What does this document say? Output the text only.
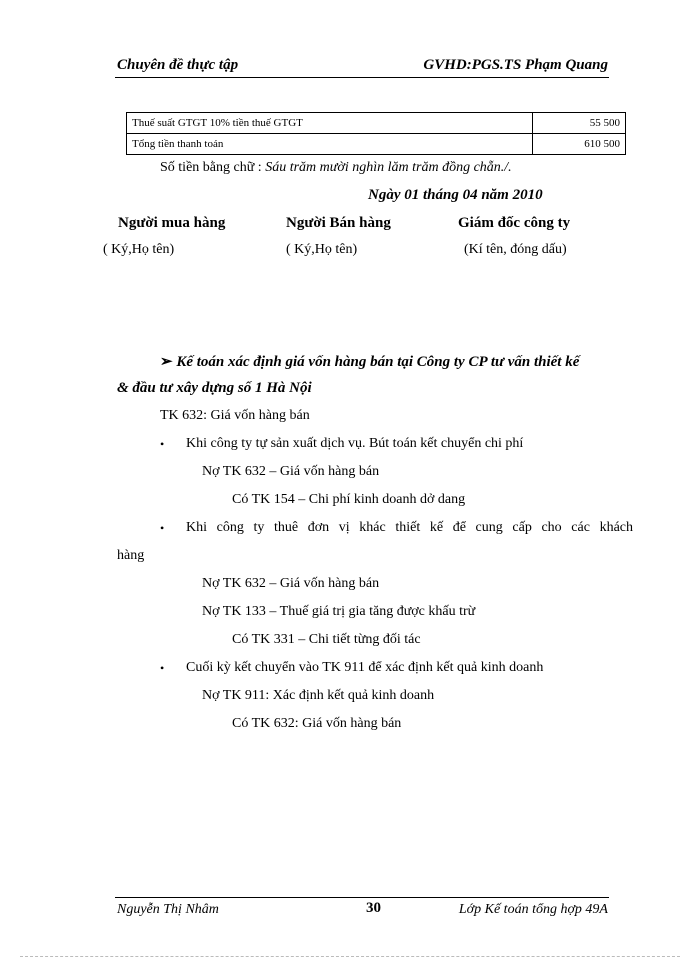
Chuyên đề thực tập	GVHD:PGS.TS Phạm Quang
Thuế suất GTGT 10% tiền thuế GTGT	55 500
Tổng tiền thanh toán	610 500
Số tiền bằng chữ : Sáu trăm mười nghìn lăm trăm đồng chẵn./.
Ngày 01 tháng 04 năm 2010
Người mua hàng	Người Bán hàng	Giám đốc công ty
( Ký,Họ tên)	( Ký,Họ tên)	(Kí tên, đóng dấu)
➢ Kế toán xác định giá vốn hàng bán tại Công ty CP tư vấn thiết kế
& đầu tư xây dựng số 1 Hà Nội
TK 632: Giá vốn hàng bán
• Khi công ty tự sản xuất dịch vụ. Bút toán kết chuyển chi phí
Nợ TK 632 – Giá vốn hàng bán
Có TK 154 – Chi phí kinh doanh dở dang
• Khi công ty thuê đơn vị khác thiết kế để cung cấp cho các khách
hàng
Nợ TK 632 – Giá vốn hàng bán
Nợ TK 133 – Thuế giá trị gia tăng được khấu trừ
Có TK 331 – Chi tiết từng đối tác
• Cuối kỳ kết chuyển vào TK 911 để xác định kết quả kinh doanh
Nợ TK 911: Xác định kết quả kinh doanh
Có TK 632: Giá vốn hàng bán
Nguyễn Thị Nhâm	30	Lớp Kế toán tổng hợp 49A
